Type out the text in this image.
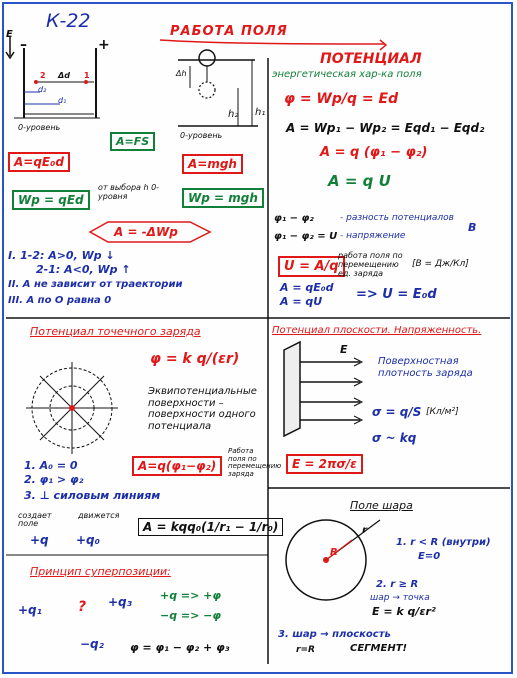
К-22	РАБОТА ПОЛЯ
E
–	+
2 Δd 1
d₂
d₁
0-уровень
A=FS
A=qE₀d
Wp = qEd
от выбора h 0-уровня
Δh
h₂ h₁
0-уровень
A=mgh
Wp = mgh
A = -ΔWp
I. 1-2: A>0, Wp ↓
2-1: A<0, Wp ↑
II. A не зависит от траектории
III. A по O равна 0
ПОТЕНЦИАЛ
энергетическая хар-ка поля
φ = Wp/q = Ed
A = Wp₁ − Wp₂ = Eqd₁ − Eqd₂
A = q (φ₁ − φ₂)
A = q U
φ₁ − φ₂	- разность потенциалов
φ₁ − φ₂ = U - напряжение
B
U = A/q
работа поля по перемещению ед. заряда
[B = Дж/Кл]
A = qE₀d
A = qU	=> U = E₀d
Потенциал точечного заряда
φ = k q/(εr)
Эквипотенциальные поверхности – поверхности одного потенциала
1. A₀ = 0
2. φ₁ > φ₂
3. ⊥ силовым линиям
A=q(φ₁−φ₂)
Работа поля по перемещению заряда
создает поле
движется
+q +q₀
A = kqq₀(1/r₁ − 1/r₀)
Потенциал плоскости. Напряженность.
E
Поверхностная плотность заряда
σ = q/S [Кл/м²]
σ ~ kq
E = 2πσ/ε
Поле шара
R
r
1. r < R (внутри)
E=0
2. r ≥ R
шар → точка
E = k q/εr²
3. шар → плоскость
r=R	СЕГМЕНТ!
Принцип суперпозиции:
+q₁	? +q₃
−q₂
+q => +φ
−q => −φ
φ = φ₁ − φ₂ + φ₃
